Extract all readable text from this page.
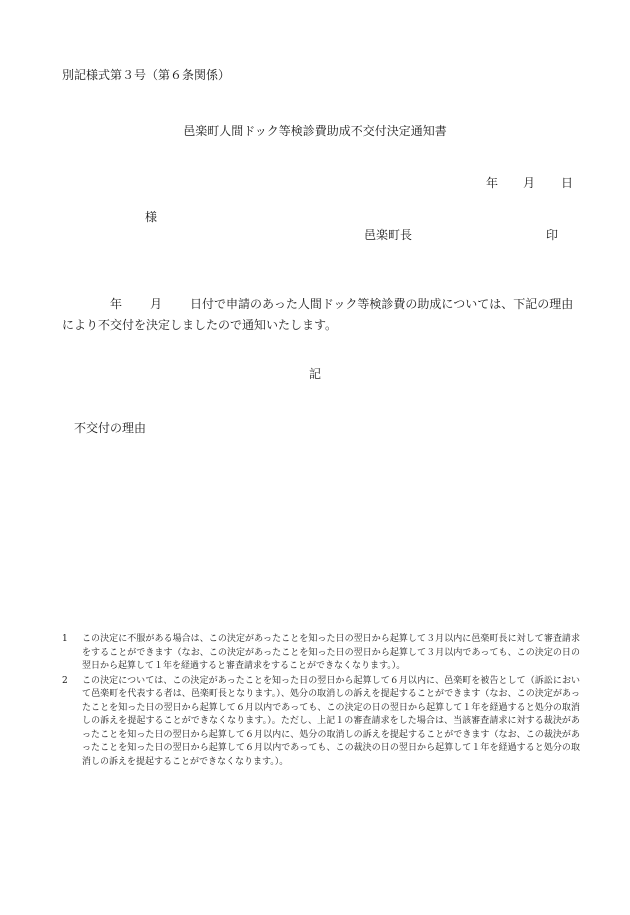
別記様式第３号（第６条関係）
邑楽町人間ドック等検診費助成不交付決定通知書
年 月 日
様
邑楽町長	印
年 月 日付で申請のあった人間ドック等検診費の助成については、下記の理由により不交付を決定しましたので通知いたします。
記
不交付の理由
1	この決定に不服がある場合は、この決定があったことを知った日の翌日から起算して３月以内に邑楽町長に対して審査請求をすることができます（なお、この決定があったことを知った日の翌日から起算して３月以内であっても、この決定の日の翌日から起算して１年を経過すると審査請求をすることができなくなります。）。
2	この決定については、この決定があったことを知った日の翌日から起算して６月以内に、邑楽町を被告として（訴訟において邑楽町を代表する者は、邑楽町長となります。）、処分の取消しの訴えを提起することができます（なお、この決定があったことを知った日の翌日から起算して６月以内であっても、この決定の日の翌日から起算して１年を経過すると処分の取消しの訴えを提起することができなくなります。）。ただし、上記１の審査請求をした場合は、当該審査請求に対する裁決があったことを知った日の翌日から起算して６月以内に、処分の取消しの訴えを提起することができます（なお、この裁決があったことを知った日の翌日から起算して６月以内であっても、この裁決の日の翌日から起算して１年を経過すると処分の取消しの訴えを提起することができなくなります。）。
